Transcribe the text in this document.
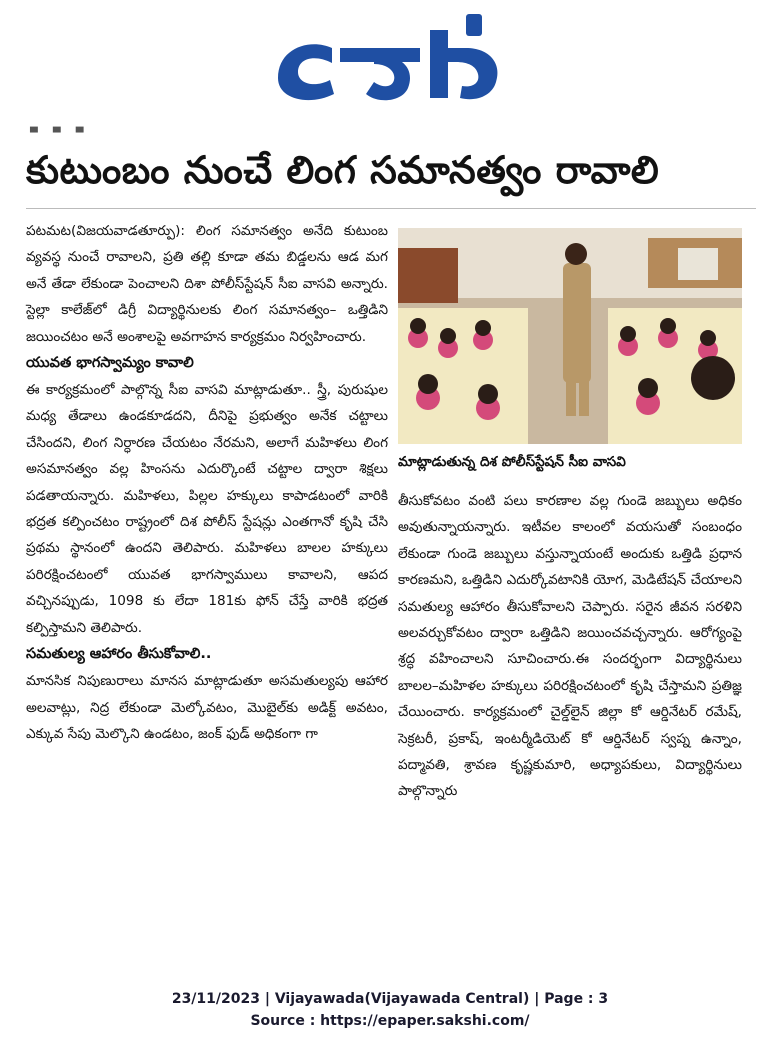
▀ ▀ ▀
కుటుంబం నుంచే లింగ సమానత్వం రావాలి

పటమట(విజయవాడతూర్పు): లింగ సమానత్వం అనేది కుటుంబ వ్యవస్థ నుంచే రావాలని, ప్రతి తల్లి కూడా తమ బిడ్డలను ఆడ మగ అనే తేడా లేకుండా పెంచాలని దిశా పోలీస్‌స్టేషన్ సీఐ వాసవి అన్నారు. స్టెల్లా కాలేజ్‌లో డిగ్రీ విద్యార్థినులకు లింగ సమానత్వం– ఒత్తిడిని జయించటం అనే అంశాలపై అవగాహన కార్యక్రమం నిర్వహించారు.

యువత భాగస్వామ్యం కావాలి

ఈ కార్యక్రమంలో పాల్గొన్న సీఐ వాసవి మాట్లాడుతూ.. స్త్రీ, పురుషుల మధ్య తేడాలు ఉండకూడదని, దీనిపై ప్రభుత్వం అనేక చట్టాలు చేసిందని, లింగ నిర్ధారణ చేయటం నేరమని, అలాగే మహిళలు లింగ అసమానత్వం వల్ల హింసను ఎదుర్కొంటే చట్టాల ద్వారా శిక్షలు పడతాయన్నారు. మహిళలు, పిల్లల హక్కులు కాపాడటంలో వారికి భద్రత కల్పించటం రాష్ట్రంలో దిశ పోలీస్ స్టేషన్లు ఎంతగానో కృషి చేసి ప్రథమ స్థానంలో ఉందని తెలిపారు. మహిళలు బాలల హక్కులు పరిరక్షించటంలో యువత భాగస్వాములు కావాలని, ఆపద వచ్చినప్పుడు, 1098 కు లేదా 181కు ఫోన్ చేస్తే వారికి భద్రత కల్పిస్తామని తెలిపారు.

సమతుల్య ఆహారం తీసుకోవాలి..

మానసిక నిపుణురాలు మానస మాట్లాడుతూ అసమతుల్యపు ఆహార అలవాట్లు, నిద్ర లేకుండా మెల్కోవటం, మొబైల్‌కు అడిక్ట్ అవటం, ఎక్కువ సేపు మెల్కొని ఉండటం, జంక్ ఫుడ్ అధికంగా గా

మాట్లాడుతున్న దిశ పోలీస్‌స్టేషన్ సీఐ వాసవి

తీసుకోవటం వంటి పలు కారణాల వల్ల గుండె జబ్బులు అధికం అవుతున్నాయన్నారు. ఇటీవల కాలంలో వయసుతో సంబంధం లేకుండా గుండె జబ్బులు వస్తున్నాయంటే అందుకు ఒత్తిడి ప్రధాన కారణమని, ఒత్తిడిని ఎదుర్కోవటానికి యోగ, మెడిటేషన్ చేయాలని సమతుల్య ఆహారం తీసుకోవాలని చెప్పారు. సరైన జీవన సరళిని అలవర్చుకోవటం ద్వారా ఒత్తిడిని జయించవచ్చన్నారు. ఆరోగ్యంపై శ్రద్ధ వహించాలని సూచించారు.ఈ సందర్భంగా విద్యార్థినులు బాలల–మహిళల హక్కులు పరిరక్షించటంలో కృషి చేస్తామని ప్రతిజ్ఞ చేయించారు. కార్యక్రమంలో చైల్డ్‌లైన్ జిల్లా కో ఆర్డినేటర్ రమేష్, సెక్రటరీ, ప్రకాష్, ఇంటర్మీడియెట్ కో ఆర్డినేటర్ స్వప్న ఉన్నాం, పద్మావతి, శ్రావణ కృష్ణకుమారి, అధ్యాపకులు, విద్యార్థినులు పాల్గొన్నారు

23/11/2023 | Vijayawada(Vijayawada Central) | Page : 3
Source : https://epaper.sakshi.com/
